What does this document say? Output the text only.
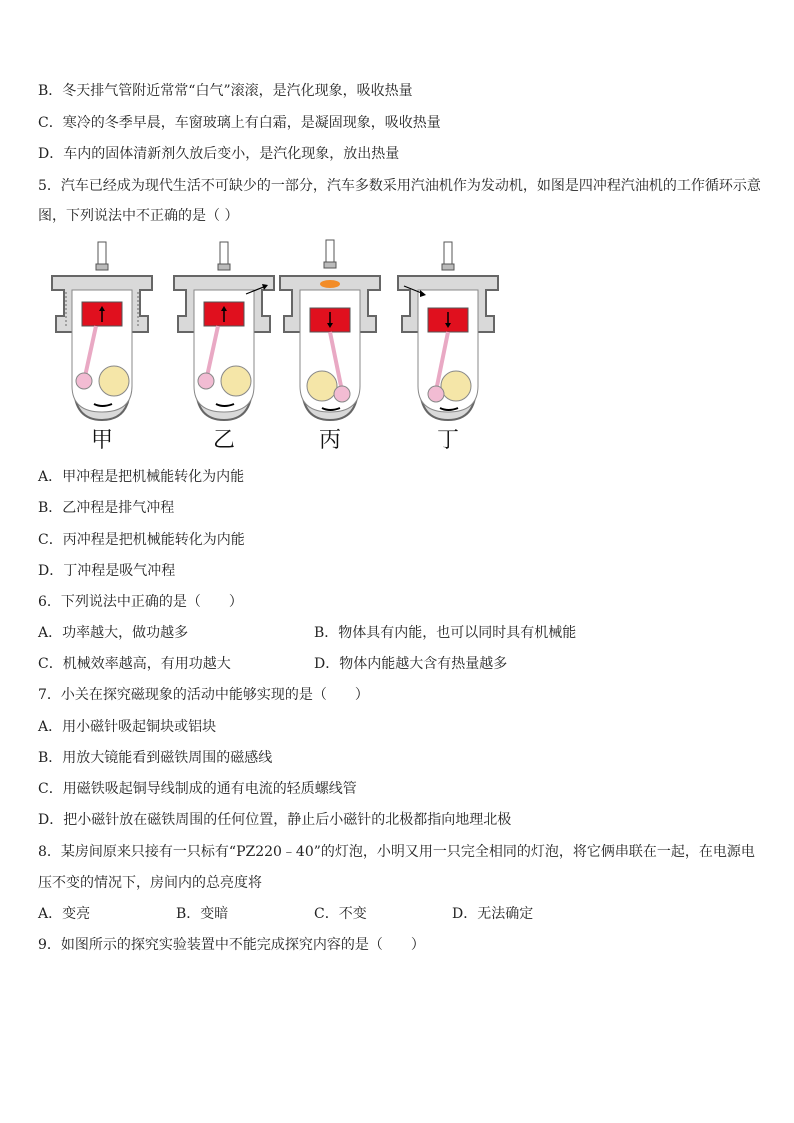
B．冬天排气管附近常常“白气”滚滚，是汽化现象，吸收热量
C．寒冷的冬季早晨，车窗玻璃上有白霜，是凝固现象，吸收热量
D．车内的固体清新剂久放后变小，是汽化现象，放出热量
5．汽车已经成为现代生活不可缺少的一部分，汽车多数采用汽油机作为发动机，如图是四冲程汽油机的工作循环示意
图，下列说法中不正确的是（ ）
甲	乙	丙	丁
A．甲冲程是把机械能转化为内能
B．乙冲程是排气冲程
C．丙冲程是把机械能转化为内能
D．丁冲程是吸气冲程
6．下列说法中正确的是（　　）
A．功率越大，做功越多	B．物体具有内能，也可以同时具有机械能
C．机械效率越高，有用功越大	D．物体内能越大含有热量越多
7．小关在探究磁现象的活动中能够实现的是（　　）
A．用小磁针吸起铜块或铝块
B．用放大镜能看到磁铁周围的磁感线
C．用磁铁吸起铜导线制成的通有电流的轻质螺线管
D．把小磁针放在磁铁周围的任何位置，静止后小磁针的北极都指向地理北极
8．某房间原来只接有一只标有“PZ220﹣40”的灯泡，小明又用一只完全相同的灯泡，将它俩串联在一起，在电源电
压不变的情况下，房间内的总亮度将
A．变亮	B．变暗	C．不变	D．无法确定
9．如图所示的探究实验装置中不能完成探究内容的是（　　）
